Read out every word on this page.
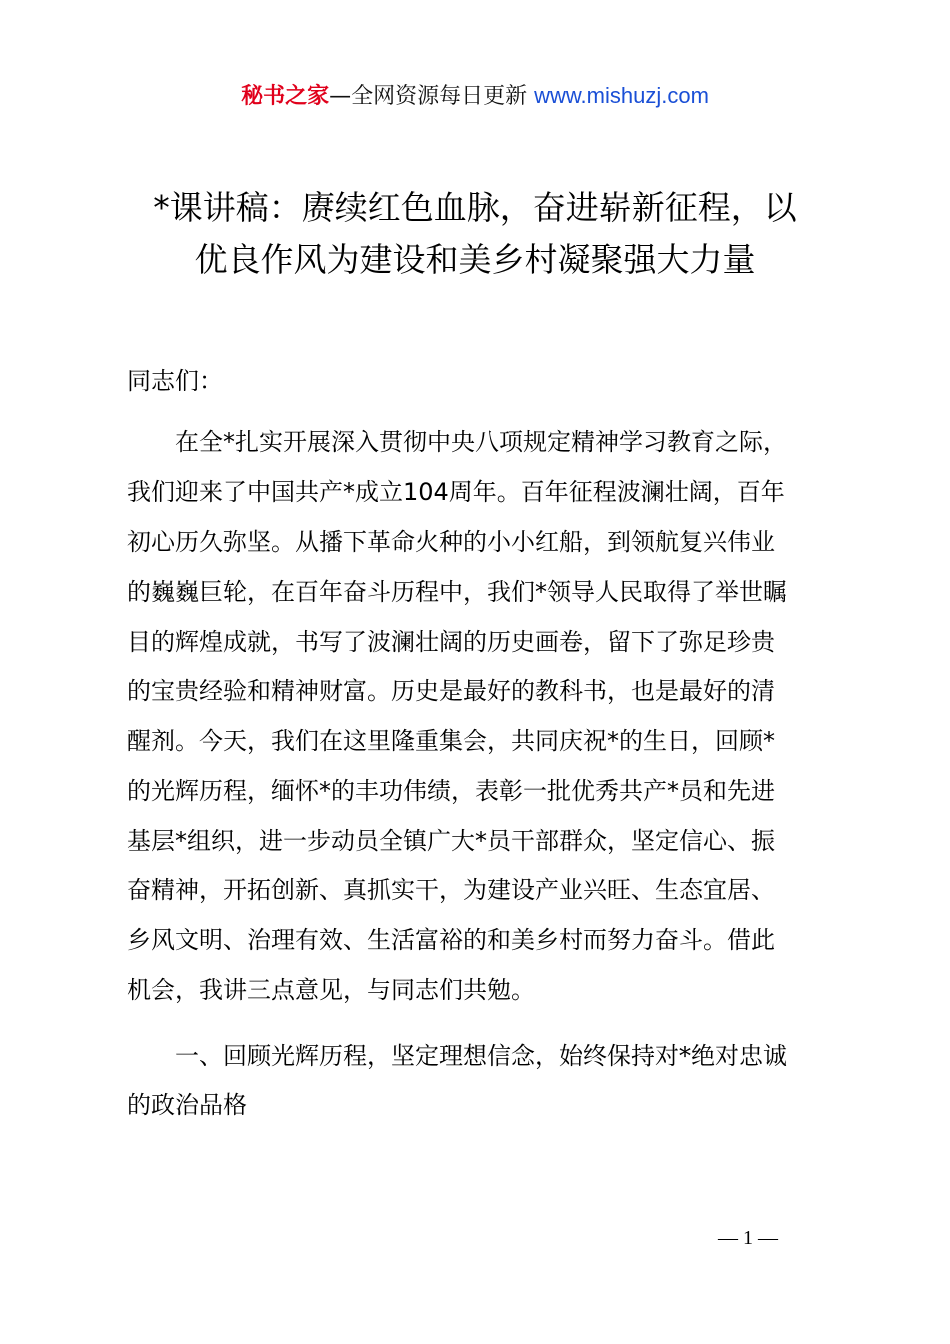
秘书之家—全网资源每日更新 www.mishuzj.com
*课讲稿：赓续红色血脉，奋进崭新征程，以
优良作风为建设和美乡村凝聚强大力量
同志们：
　　在全*扎实开展深入贯彻中央八项规定精神学习教育之际，
我们迎来了中国共产*成立104周年。百年征程波澜壮阔，百年
初心历久弥坚。从播下革命火种的小小红船，到领航复兴伟业
的巍巍巨轮，在百年奋斗历程中，我们*领导人民取得了举世瞩
目的辉煌成就，书写了波澜壮阔的历史画卷，留下了弥足珍贵
的宝贵经验和精神财富。历史是最好的教科书，也是最好的清
醒剂。今天，我们在这里隆重集会，共同庆祝*的生日，回顾*
的光辉历程，缅怀*的丰功伟绩，表彰一批优秀共产*员和先进
基层*组织，进一步动员全镇广大*员干部群众，坚定信心、振
奋精神，开拓创新、真抓实干，为建设产业兴旺、生态宜居、
乡风文明、治理有效、生活富裕的和美乡村而努力奋斗。借此
机会，我讲三点意见，与同志们共勉。
　　一、回顾光辉历程，坚定理想信念，始终保持对*绝对忠诚
的政治品格
— 1 —
